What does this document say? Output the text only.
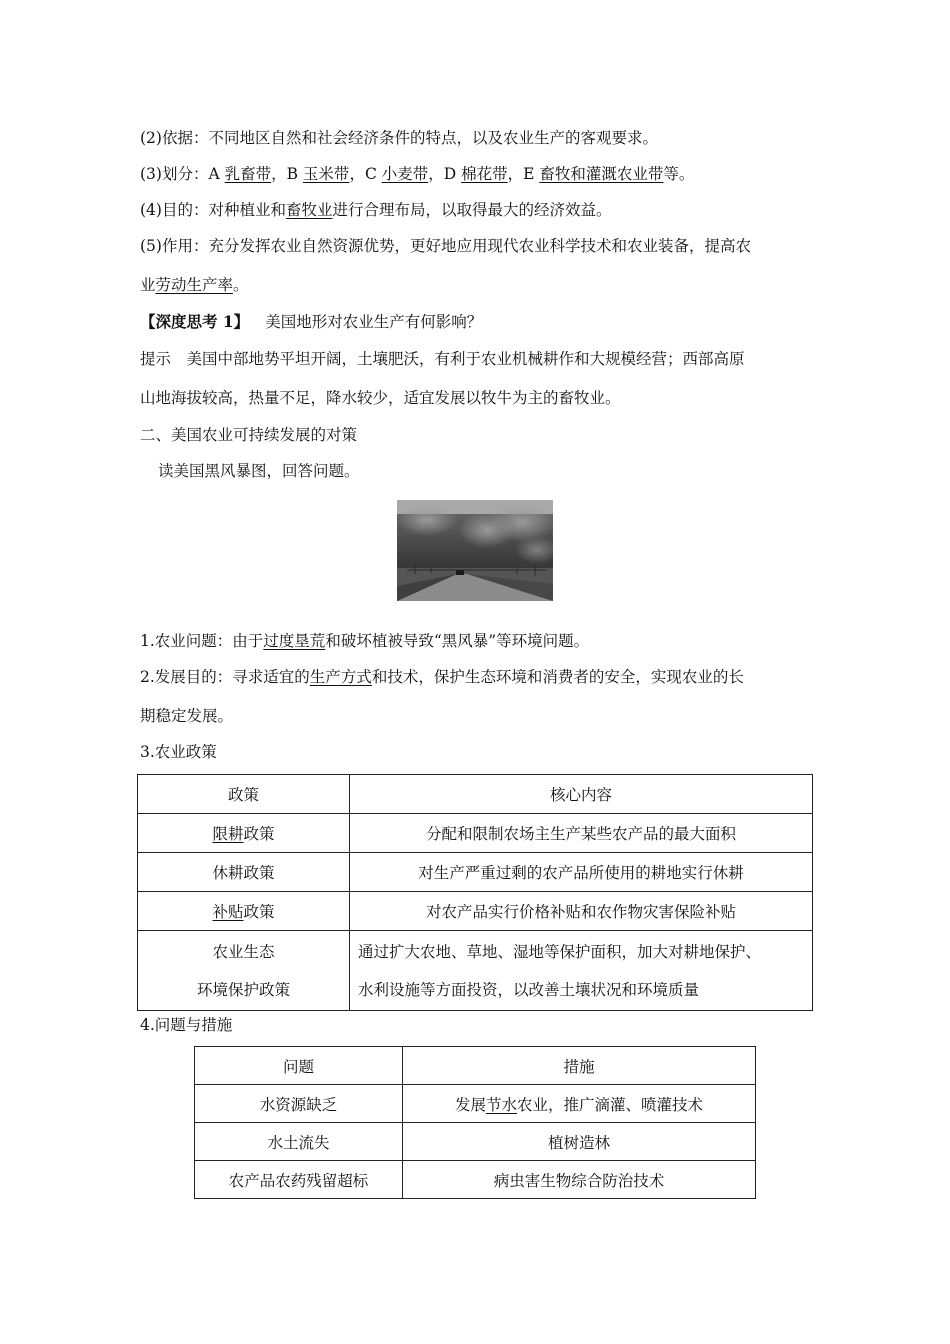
(2)依据：不同地区自然和社会经济条件的特点，以及农业生产的客观要求。
(3)划分：A 乳畜带，B 玉米带，C 小麦带，D 棉花带，E 畜牧和灌溉农业带等。
(4)目的：对种植业和畜牧业进行合理布局，以取得最大的经济效益。
(5)作用：充分发挥农业自然资源优势，更好地应用现代农业科学技术和农业装备，提高农
业劳动生产率。
【深度思考 1】 美国地形对农业生产有何影响？
提示　美国中部地势平坦开阔，土壤肥沃，有利于农业机械耕作和大规模经营；西部高原
山地海拔较高，热量不足，降水较少，适宜发展以牧牛为主的畜牧业。
二、美国农业可持续发展的对策
读美国黑风暴图，回答问题。
1.农业问题：由于过度垦荒和破坏植被导致“黑风暴”等环境问题。
2.发展目的：寻求适宜的生产方式和技术，保护生态环境和消费者的安全，实现农业的长
期稳定发展。
3.农业政策
政策	核心内容
限耕政策	分配和限制农场主生产某些农产品的最大面积
休耕政策	对生产严重过剩的农产品所使用的耕地实行休耕
补贴政策	对农产品实行价格补贴和农作物灾害保险补贴

农业生态
环境保护政策	通过扩大农地、草地、湿地等保护面积，加大对耕地保护、
水利设施等方面投资，以改善土壤状况和环境质量
4.问题与措施
问题	措施
水资源缺乏	发展节水农业，推广滴灌、喷灌技术
水土流失	植树造林
农产品农药残留超标	病虫害生物综合防治技术
